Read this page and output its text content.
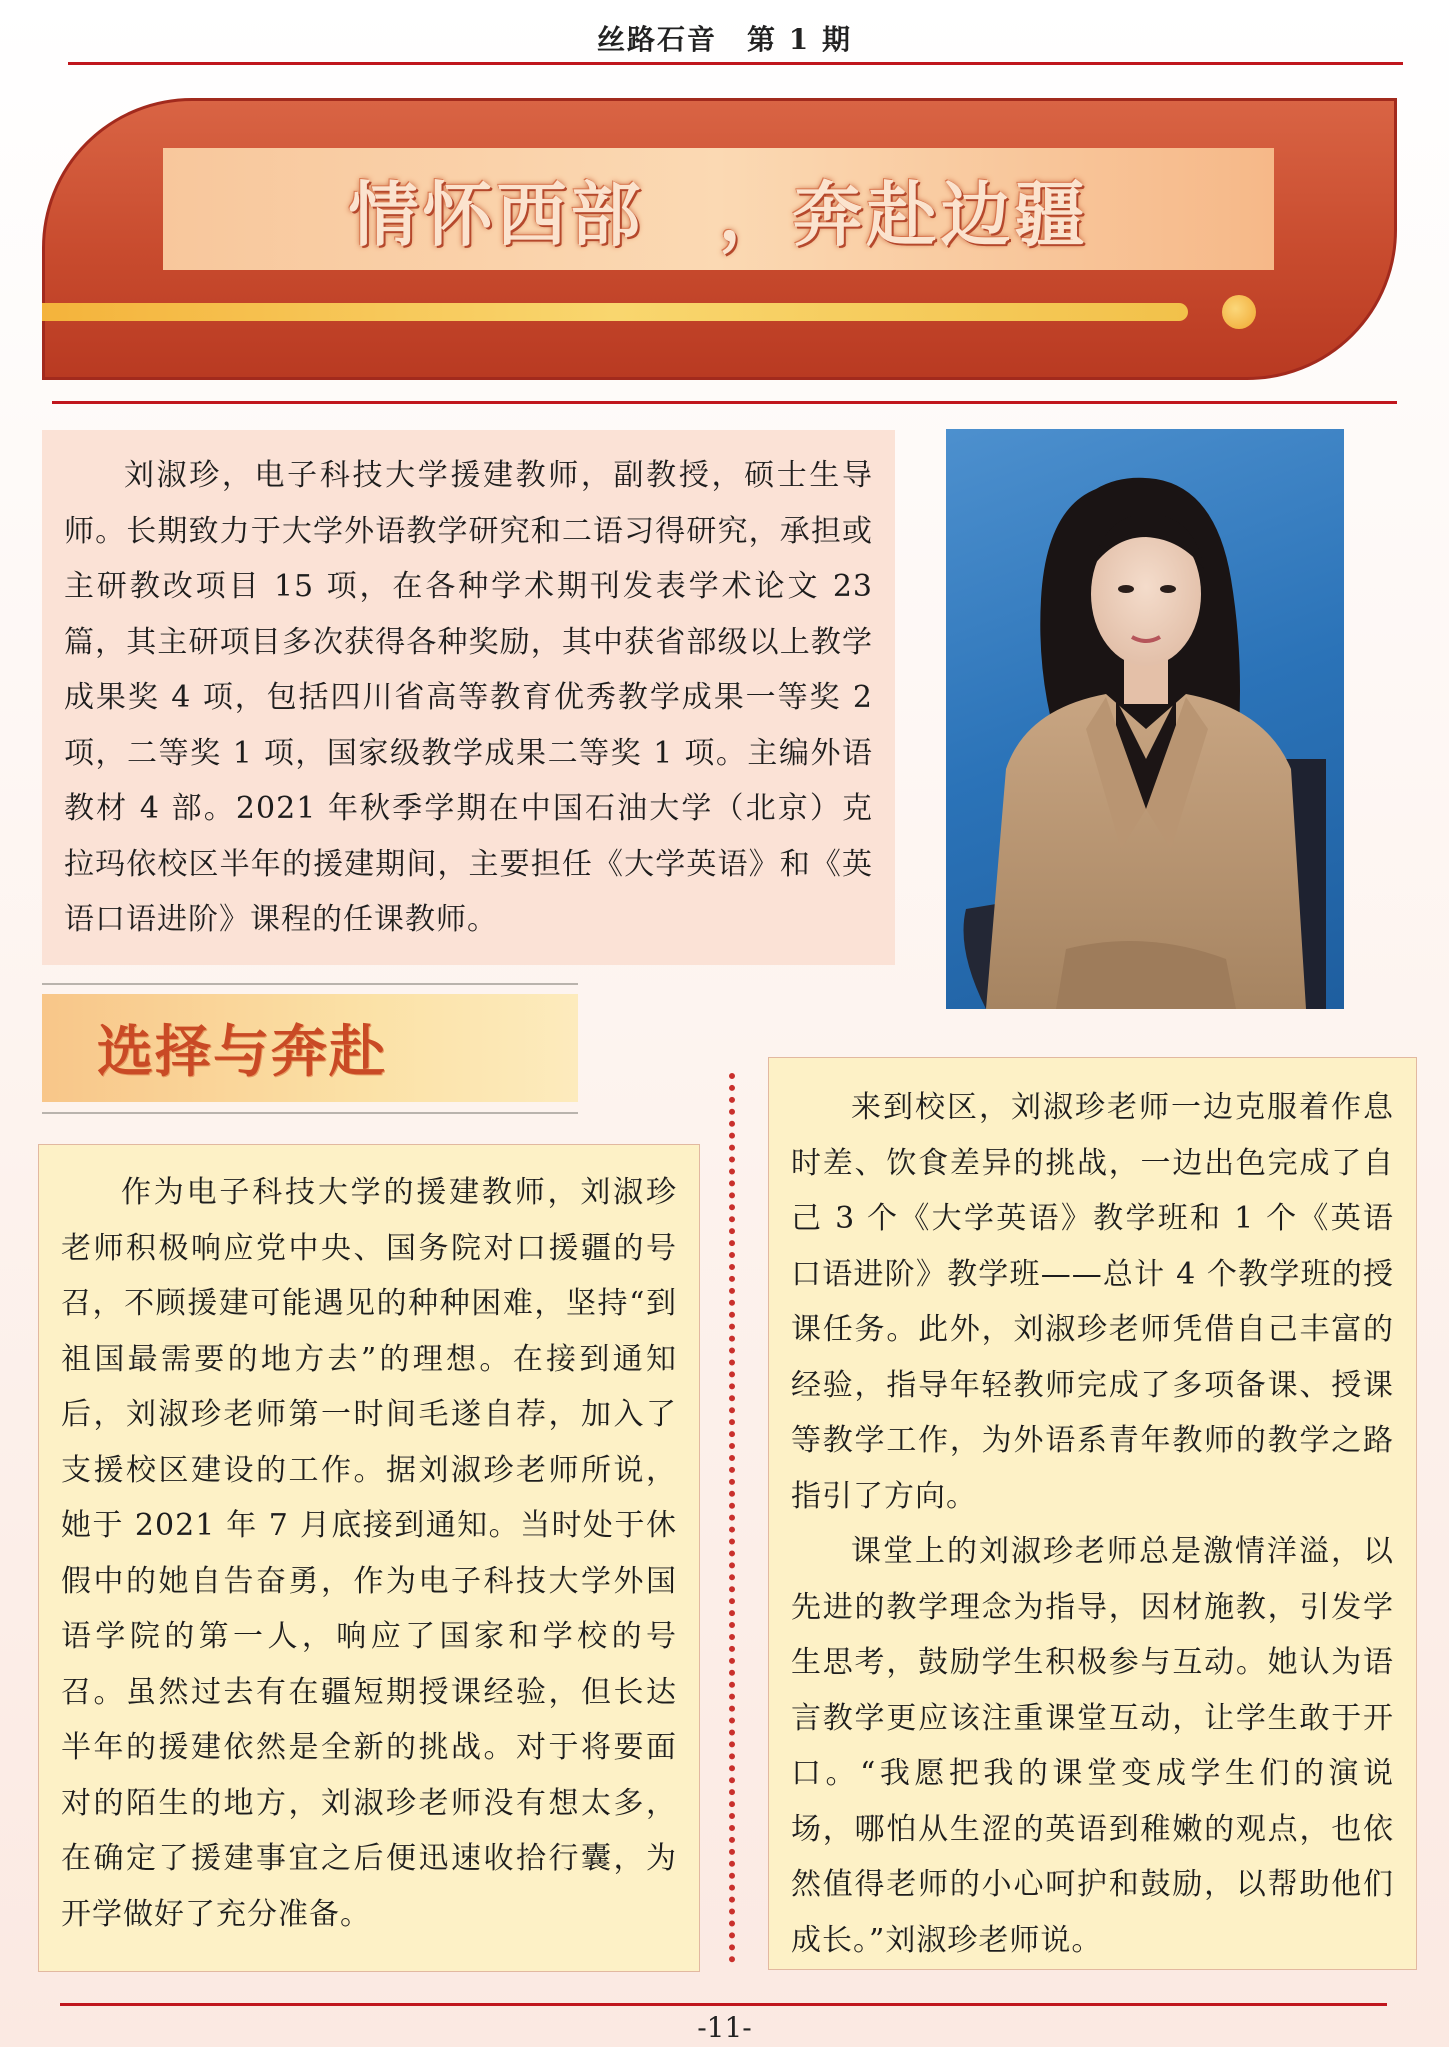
丝路石音　第 1 期
情怀西部　，奔赴边疆

刘淑珍，电子科技大学援建教师，副教授，硕士生导师。长期致力于大学外语教学研究和二语习得研究，承担或主研教改项目 15 项，在各种学术期刊发表学术论文 23 篇，其主研项目多次获得各种奖励，其中获省部级以上教学成果奖 4 项，包括四川省高等教育优秀教学成果一等奖 2 项，二等奖 1 项，国家级教学成果二等奖 1 项。主编外语教材 4 部。2021 年秋季学期在中国石油大学（北京）克拉玛依校区半年的援建期间，主要担任《大学英语》和《英语口语进阶》课程的任课教师。

选择与奔赴

作为电子科技大学的援建教师，刘淑珍老师积极响应党中央、国务院对口援疆的号召，不顾援建可能遇见的种种困难，坚持“到祖国最需要的地方去”的理想。在接到通知后，刘淑珍老师第一时间毛遂自荐，加入了支援校区建设的工作。据刘淑珍老师所说，她于 2021 年 7 月底接到通知。当时处于休假中的她自告奋勇，作为电子科技大学外国语学院的第一人，响应了国家和学校的号召。虽然过去有在疆短期授课经验，但长达半年的援建依然是全新的挑战。对于将要面对的陌生的地方，刘淑珍老师没有想太多，在确定了援建事宜之后便迅速收拾行囊，为开学做好了充分准备。

来到校区，刘淑珍老师一边克服着作息时差、饮食差异的挑战，一边出色完成了自己 3 个《大学英语》教学班和 1 个《英语口语进阶》教学班——总计 4 个教学班的授课任务。此外，刘淑珍老师凭借自己丰富的经验，指导年轻教师完成了多项备课、授课等教学工作，为外语系青年教师的教学之路指引了方向。

课堂上的刘淑珍老师总是激情洋溢，以先进的教学理念为指导，因材施教，引发学生思考，鼓励学生积极参与互动。她认为语言教学更应该注重课堂互动，让学生敢于开口。“我愿把我的课堂变成学生们的演说场，哪怕从生涩的英语到稚嫩的观点，也依然值得老师的小心呵护和鼓励，以帮助他们成长。”刘淑珍老师说。

-11-
